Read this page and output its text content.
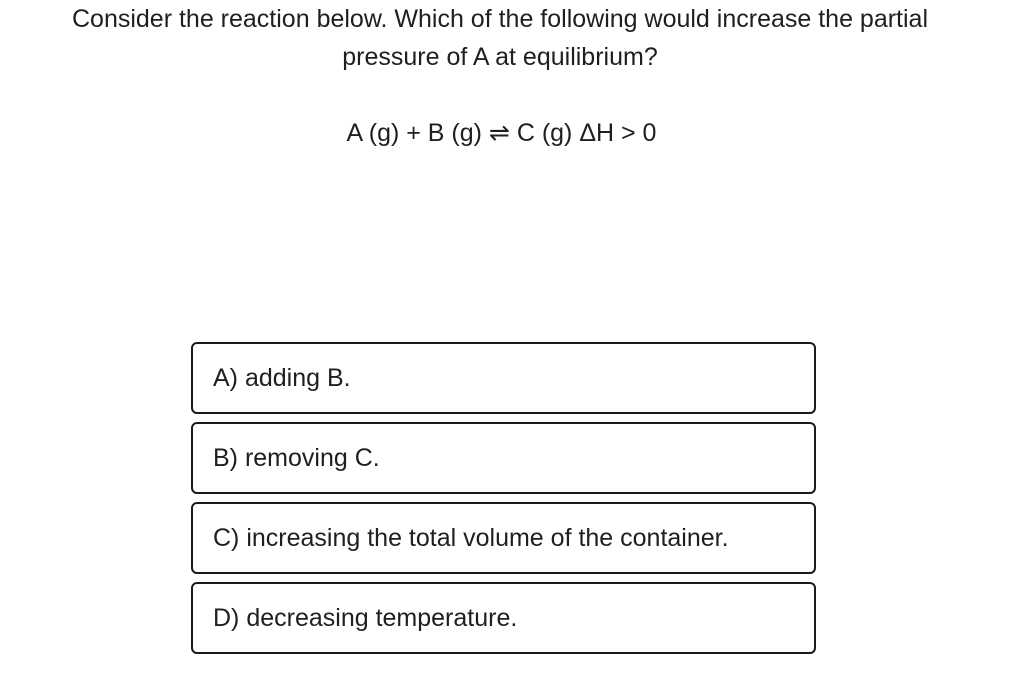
Consider the reaction below. Which of the following would increase the partial
pressure of A at equilibrium?
A (g) + B (g) ⇌ C (g) ΔH > 0
A) adding B.
B) removing C.
C) increasing the total volume of the container.
D) decreasing temperature.
